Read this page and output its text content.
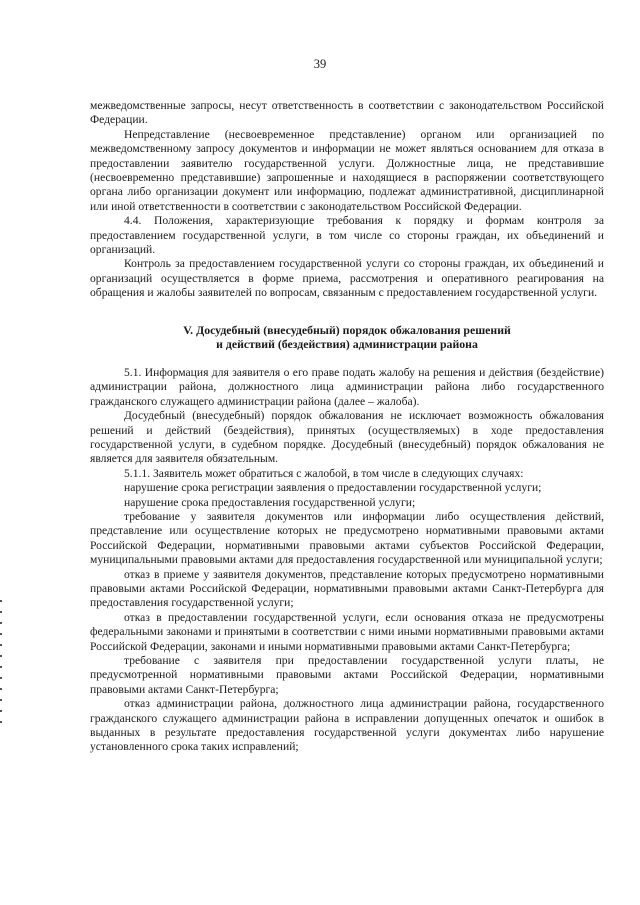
39

межведомственные запросы, несут ответственность в соответствии с законодательством Российской Федерации.

Непредставление (несвоевременное представление) органом или организацией по межведомственному запросу документов и информации не может являться основанием для отказа в предоставлении заявителю государственной услуги. Должностные лица, не представившие (несвоевременно представившие) запрошенные и находящиеся в распоряжении соответствующего органа либо организации документ или информацию, подлежат административной, дисциплинарной или иной ответственности в соответствии с законодательством Российской Федерации.

4.4. Положения, характеризующие требования к порядку и формам контроля за предоставлением государственной услуги, в том числе со стороны граждан, их объединений и организаций.

Контроль за предоставлением государственной услуги со стороны граждан, их объединений и организаций осуществляется в форме приема, рассмотрения и оперативного реагирования на обращения и жалобы заявителей по вопросам, связанным с предоставлением государственной услуги.

V. Досудебный (внесудебный) порядок обжалования решений
и действий (бездействия) администрации района

5.1. Информация для заявителя о его праве подать жалобу на решения и действия (бездействие) администрации района, должностного лица администрации района либо государственного гражданского служащего администрации района (далее – жалоба).

Досудебный (внесудебный) порядок обжалования не исключает возможность обжалования решений и действий (бездействия), принятых (осуществляемых) в ходе предоставления государственной услуги, в судебном порядке. Досудебный (внесудебный) порядок обжалования не является для заявителя обязательным.

5.1.1. Заявитель может обратиться с жалобой, в том числе в следующих случаях:

нарушение срока регистрации заявления о предоставлении государственной услуги;

нарушение срока предоставления государственной услуги;

требование у заявителя документов или информации либо осуществления действий, представление или осуществление которых не предусмотрено нормативными правовыми актами Российской Федерации, нормативными правовыми актами субъектов Российской Федерации, муниципальными правовыми актами для предоставления государственной или муниципальной услуги;

отказ в приеме у заявителя документов, представление которых предусмотрено нормативными правовыми актами Российской Федерации, нормативными правовыми актами Санкт-Петербурга для предоставления государственной услуги;

отказ в предоставлении государственной услуги, если основания отказа не предусмотрены федеральными законами и принятыми в соответствии с ними иными нормативными правовыми актами Российской Федерации, законами и иными нормативными правовыми актами Санкт-Петербурга;

требование с заявителя при предоставлении государственной услуги платы, не предусмотренной нормативными правовыми актами Российской Федерации, нормативными правовыми актами Санкт-Петербурга;

отказ администрации района, должностного лица администрации района, государственного гражданского служащего администрации района в исправлении допущенных опечаток и ошибок в выданных в результате предоставления государственной услуги документах либо нарушение установленного срока таких исправлений;
